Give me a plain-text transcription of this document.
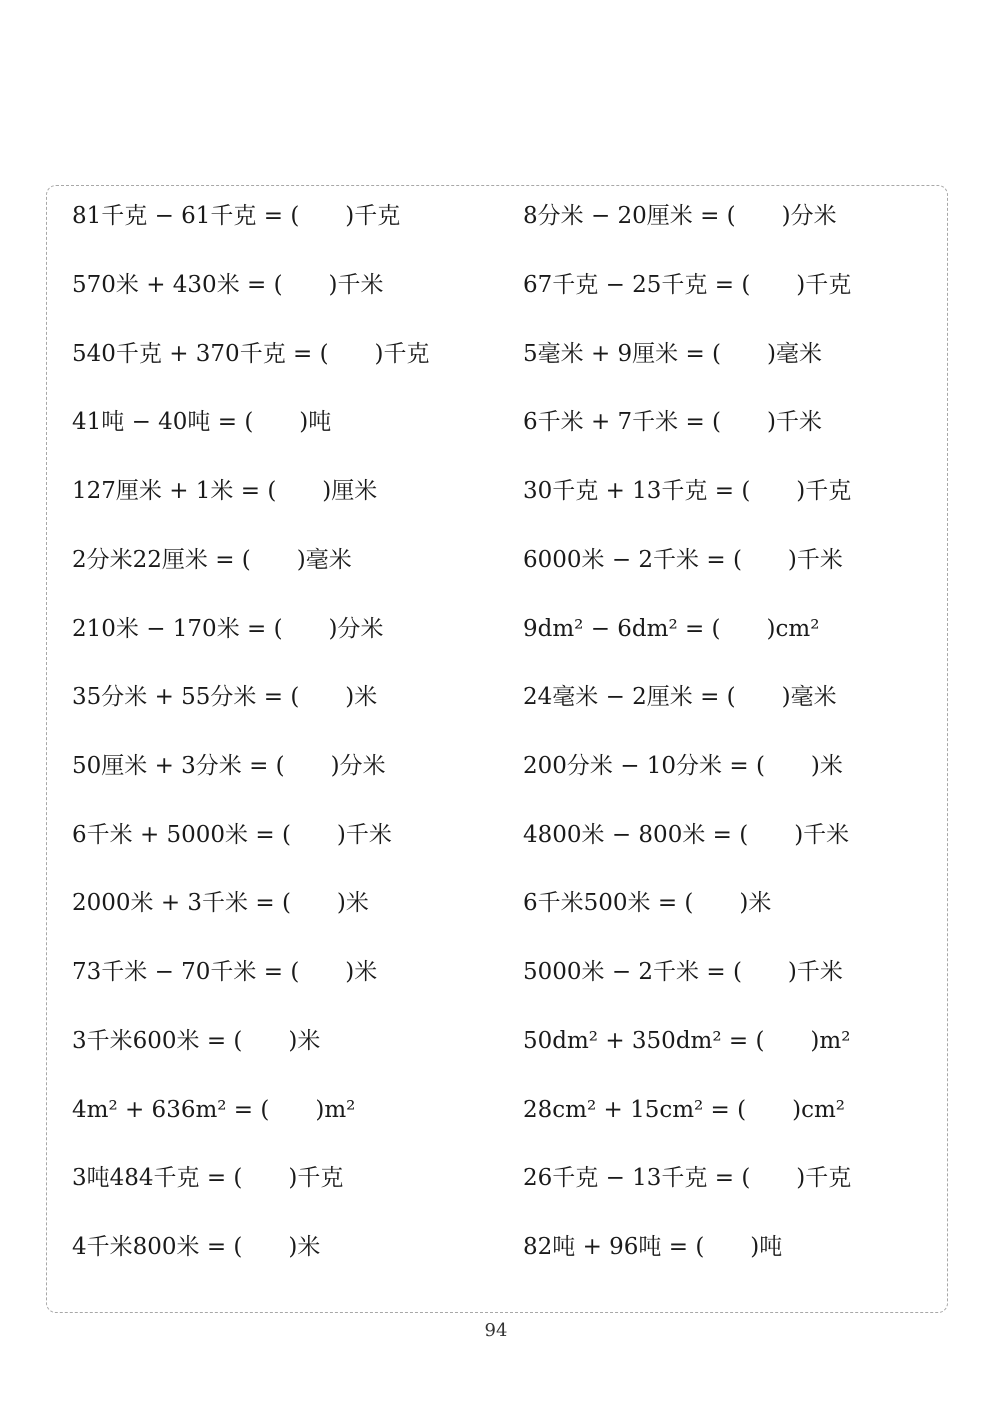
81千克 − 61千克 = (　　)千克
570米 + 430米 = (　　)千米
540千克 + 370千克 = (　　)千克
41吨 − 40吨 = (　　)吨
127厘米 + 1米 = (　　)厘米
2分米22厘米 = (　　)毫米
210米 − 170米 = (　　)分米
35分米 + 55分米 = (　　)米
50厘米 + 3分米 = (　　)分米
6千米 + 5000米 = (　　)千米
2000米 + 3千米 = (　　)米
73千米 − 70千米 = (　　)米
3千米600米 = (　　)米
4m² + 636m² = (　　)m²
3吨484千克 = (　　)千克
4千米800米 = (　　)米
8分米 − 20厘米 = (　　)分米
67千克 − 25千克 = (　　)千克
5毫米 + 9厘米 = (　　)毫米
6千米 + 7千米 = (　　)千米
30千克 + 13千克 = (　　)千克
6000米 − 2千米 = (　　)千米
9dm² − 6dm² = (　　)cm²
24毫米 − 2厘米 = (　　)毫米
200分米 − 10分米 = (　　)米
4800米 − 800米 = (　　)千米
6千米500米 = (　　)米
5000米 − 2千米 = (　　)千米
50dm² + 350dm² = (　　)m²
28cm² + 15cm² = (　　)cm²
26千克 − 13千克 = (　　)千克
82吨 + 96吨 = (　　)吨
94
